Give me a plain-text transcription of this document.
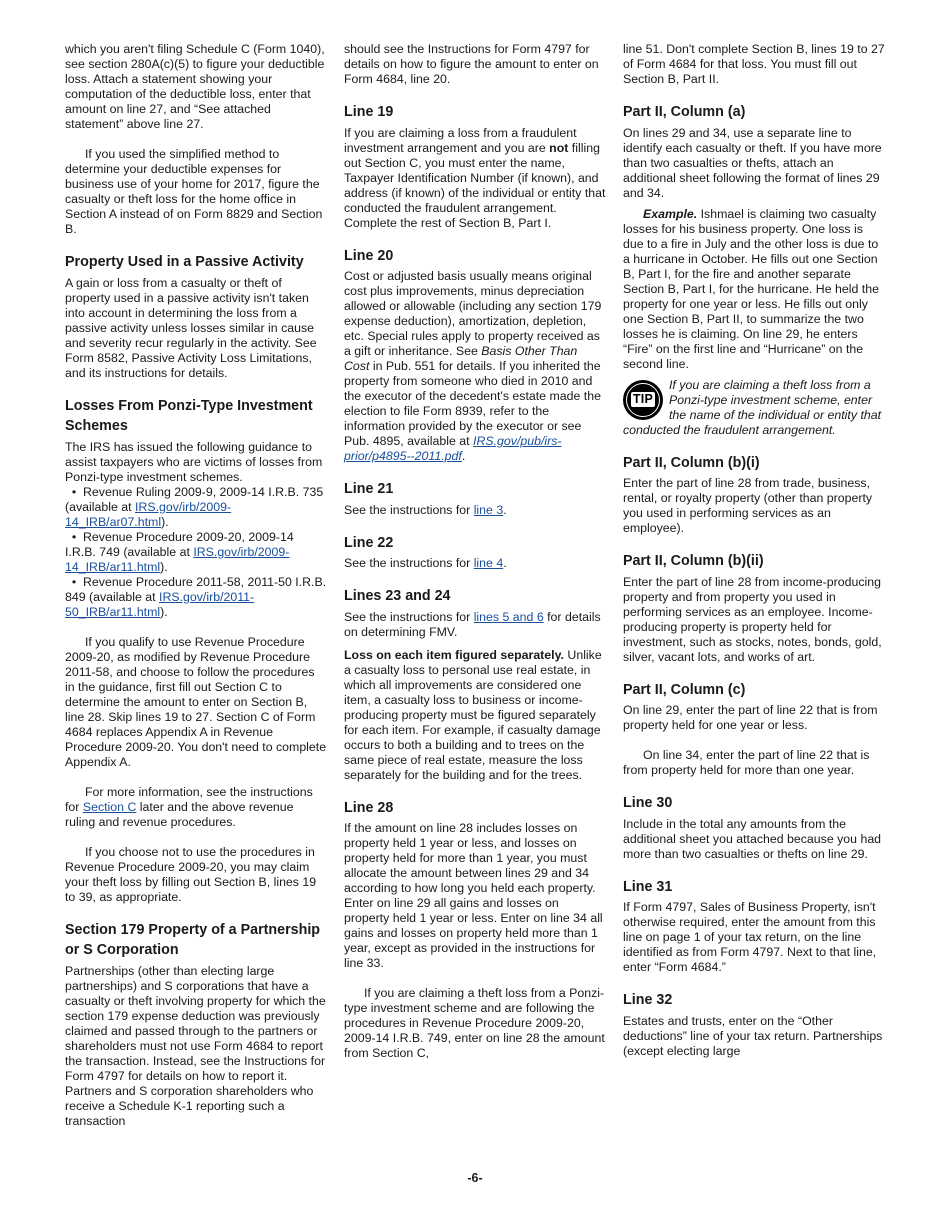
which you aren't filing Schedule C (Form 1040), see section 280A(c)(5) to figure your deductible loss. Attach a statement showing your computation of the deductible loss, enter that amount on line 27, and “See attached statement” above line 27.

If you used the simplified method to determine your deductible expenses for business use of your home for 2017, figure the casualty or theft loss for the home office in Section A instead of on Form 8829 and Section B.

Property Used in a Passive Activity

A gain or loss from a casualty or theft of property used in a passive activity isn't taken into account in determining the loss from a passive activity unless losses similar in cause and severity recur regularly in the activity. See Form 8582, Passive Activity Loss Limitations, and its instructions for details.

Losses From Ponzi-Type Investment Schemes

The IRS has issued the following guidance to assist taxpayers who are victims of losses from Ponzi-type investment schemes.

• Revenue Ruling 2009-9, 2009-14 I.R.B. 735 (available at IRS.gov/irb/2009-14_IRB/ar07.html).
• Revenue Procedure 2009-20, 2009-14 I.R.B. 749 (available at IRS.gov/irb/2009-14_IRB/ar11.html).
• Revenue Procedure 2011-58, 2011-50 I.R.B. 849 (available at IRS.gov/irb/2011-50_IRB/ar11.html).

If you qualify to use Revenue Procedure 2009-20, as modified by Revenue Procedure 2011-58, and choose to follow the procedures in the guidance, first fill out Section C to determine the amount to enter on Section B, line 28. Skip lines 19 to 27. Section C of Form 4684 replaces Appendix A in Revenue Procedure 2009-20. You don't need to complete Appendix A.

For more information, see the instructions for Section C later and the above revenue ruling and revenue procedures.

If you choose not to use the procedures in Revenue Procedure 2009-20, you may claim your theft loss by filling out Section B, lines 19 to 39, as appropriate.

Section 179 Property of a Partnership or S Corporation

Partnerships (other than electing large partnerships) and S corporations that have a casualty or theft involving property for which the section 179 expense deduction was previously claimed and passed through to the partners or shareholders must not use Form 4684 to report the transaction. Instead, see the Instructions for Form 4797 for details on how to report it. Partners and S corporation shareholders who receive a Schedule K-1 reporting such a transaction

should see the Instructions for Form 4797 for details on how to figure the amount to enter on Form 4684, line 20.

Line 19

If you are claiming a loss from a fraudulent investment arrangement and you are not filling out Section C, you must enter the name, Taxpayer Identification Number (if known), and address (if known) of the individual or entity that conducted the fraudulent arrangement. Complete the rest of Section B, Part I.

Line 20

Cost or adjusted basis usually means original cost plus improvements, minus depreciation allowed or allowable (including any section 179 expense deduction), amortization, depletion, etc. Special rules apply to property received as a gift or inheritance. See Basis Other Than Cost in Pub. 551 for details. If you inherited the property from someone who died in 2010 and the executor of the decedent's estate made the election to file Form 8939, refer to the information provided by the executor or see Pub. 4895, available at IRS.gov/pub/irs-prior/p4895--2011.pdf.

Line 21

See the instructions for line 3.

Line 22

See the instructions for line 4.

Lines 23 and 24

See the instructions for lines 5 and 6 for details on determining FMV.

Loss on each item figured separately. Unlike a casualty loss to personal use real estate, in which all improvements are considered one item, a casualty loss to business or income-producing property must be figured separately for each item. For example, if casualty damage occurs to both a building and to trees on the same piece of real estate, measure the loss separately for the building and for the trees.

Line 28

If the amount on line 28 includes losses on property held 1 year or less, and losses on property held for more than 1 year, you must allocate the amount between lines 29 and 34 according to how long you held each property. Enter on line 29 all gains and losses on property held 1 year or less. Enter on line 34 all gains and losses on property held more than 1 year, except as provided in the instructions for line 33.

If you are claiming a theft loss from a Ponzi-type investment scheme and are following the procedures in Revenue Procedure 2009-20, 2009-14 I.R.B. 749, enter on line 28 the amount from Section C,

line 51. Don't complete Section B, lines 19 to 27 of Form 4684 for that loss. You must fill out Section B, Part II.

Part II, Column (a)

On lines 29 and 34, use a separate line to identify each casualty or theft. If you have more than two casualties or thefts, attach an additional sheet following the format of lines 29 and 34.

Example. Ishmael is claiming two casualty losses for his business property. One loss is due to a fire in July and the other loss is due to a hurricane in October. He fills out one Section B, Part I, for the fire and another separate Section B, Part I, for the hurricane. He held the property for one year or less. He fills out only one Section B, Part II, to summarize the two losses he is claiming. On line 29, he enters “Fire” on the first line and “Hurricane” on the second line.

TIP
If you are claiming a theft loss from a Ponzi-type investment scheme, enter the name of the individual or entity that conducted the fraudulent arrangement.
Part II, Column (b)(i)

Enter the part of line 28 from trade, business, rental, or royalty property (other than property you used in performing services as an employee).

Part II, Column (b)(ii)

Enter the part of line 28 from income-producing property and from property you used in performing services as an employee. Income-producing property is property held for investment, such as stocks, notes, bonds, gold, silver, vacant lots, and works of art.

Part II, Column (c)

On line 29, enter the part of line 22 that is from property held for one year or less.

On line 34, enter the part of line 22 that is from property held for more than one year.

Line 30

Include in the total any amounts from the additional sheet you attached because you had more than two casualties or thefts on line 29.

Line 31

If Form 4797, Sales of Business Property, isn't otherwise required, enter the amount from this line on page 1 of your tax return, on the line identified as from Form 4797. Next to that line, enter “Form 4684.”

Line 32

Estates and trusts, enter on the “Other deductions” line of your tax return. Partnerships (except electing large

-6-
